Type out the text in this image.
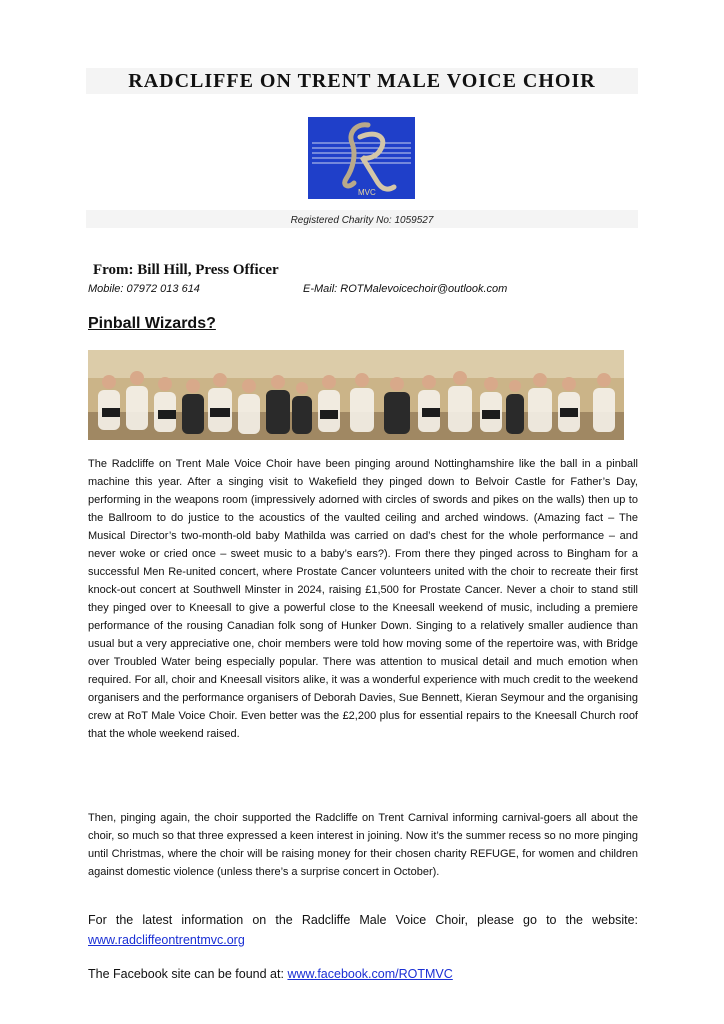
RADCLIFFE ON TRENT MALE VOICE CHOIR
MVC
Registered Charity No: 1059527
From: Bill Hill, Press Officer
Mobile: 07972 013 614	E-Mail: ROTMalevoicechoir@outlook.com
Pinball Wizards?

The Radcliffe on Trent Male Voice Choir have been pinging around Nottinghamshire like the ball in a pinball machine this year. After a singing visit to Wakefield they pinged down to Belvoir Castle for Father’s Day, performing in the weapons room (impressively adorned with circles of swords and pikes on the walls) then up to the Ballroom to do justice to the acoustics of the vaulted ceiling and arched windows. (Amazing fact – The Musical Director’s two-month-old baby Mathilda was carried on dad’s chest for the whole performance – and never woke or cried once – sweet music to a baby’s ears?). From there they pinged across to Bingham for a successful Men Re-united concert, where Prostate Cancer volunteers united with the choir to recreate their first knock-out concert at Southwell Minster in 2024, raising £1,500 for Prostate Cancer. Never a choir to stand still they pinged over to Kneesall to give a powerful close to the Kneesall weekend of music, including a premiere performance of the rousing Canadian folk song of Hunker Down. Singing to a relatively smaller audience than usual but a very appreciative one, choir members were told how moving some of the repertoire was, with Bridge over Troubled Water being especially popular. There was attention to musical detail and much emotion when required. For all, choir and Kneesall visitors alike, it was a wonderful experience with much credit to the weekend organisers and the performance organisers of Deborah Davies, Sue Bennett, Kieran Seymour and the organising crew at RoT Male Voice Choir. Even better was the £2,200 plus for essential repairs to the Kneesall Church roof that the whole weekend raised.

Then, pinging again, the choir supported the Radcliffe on Trent Carnival informing carnival-goers all about the choir, so much so that three expressed a keen interest in joining. Now it’s the summer recess so no more pinging until Christmas, where the choir will be raising money for their chosen charity REFUGE, for women and children against domestic violence (unless there’s a surprise concert in October).

For the latest information on the Radcliffe Male Voice Choir, please go to the website: www.radcliffeontrentmvc.org

The Facebook site can be found at: www.facebook.com/ROTMVC
